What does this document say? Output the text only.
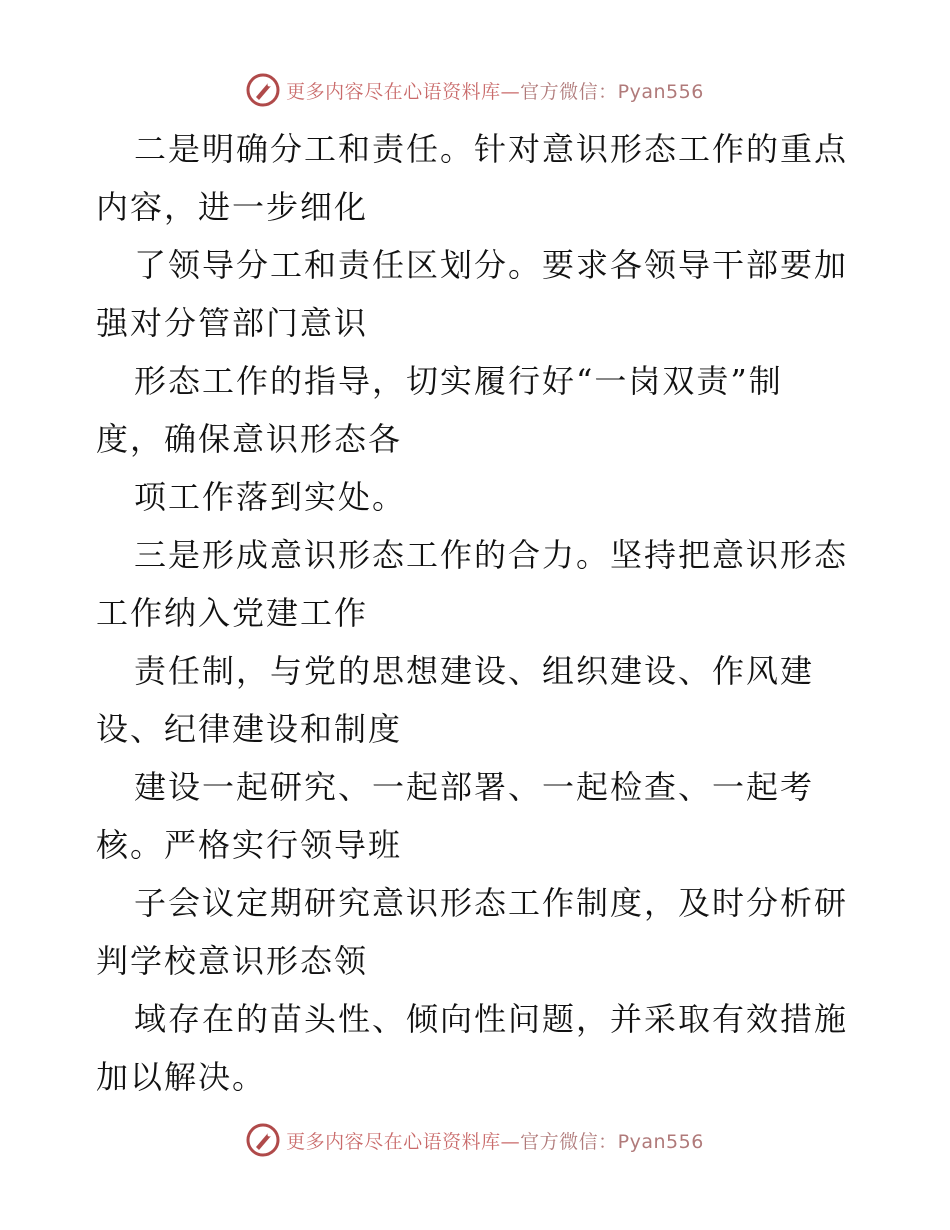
更多内容尽在心语资料库—官方微信：Pyan556
二是明确分工和责任。针对意识形态工作的重点
内容，进一步细化
了领导分工和责任区划分。要求各领导干部要加
强对分管部门意识
形态工作的指导，切实履行好“一岗双责”制
度，确保意识形态各
项工作落到实处。
三是形成意识形态工作的合力。坚持把意识形态
工作纳入党建工作
责任制，与党的思想建设、组织建设、作风建
设、纪律建设和制度
建设一起研究、一起部署、一起检查、一起考
核。严格实行领导班
子会议定期研究意识形态工作制度，及时分析研
判学校意识形态领
域存在的苗头性、倾向性问题，并采取有效措施
加以解决。
更多内容尽在心语资料库—官方微信：Pyan556
